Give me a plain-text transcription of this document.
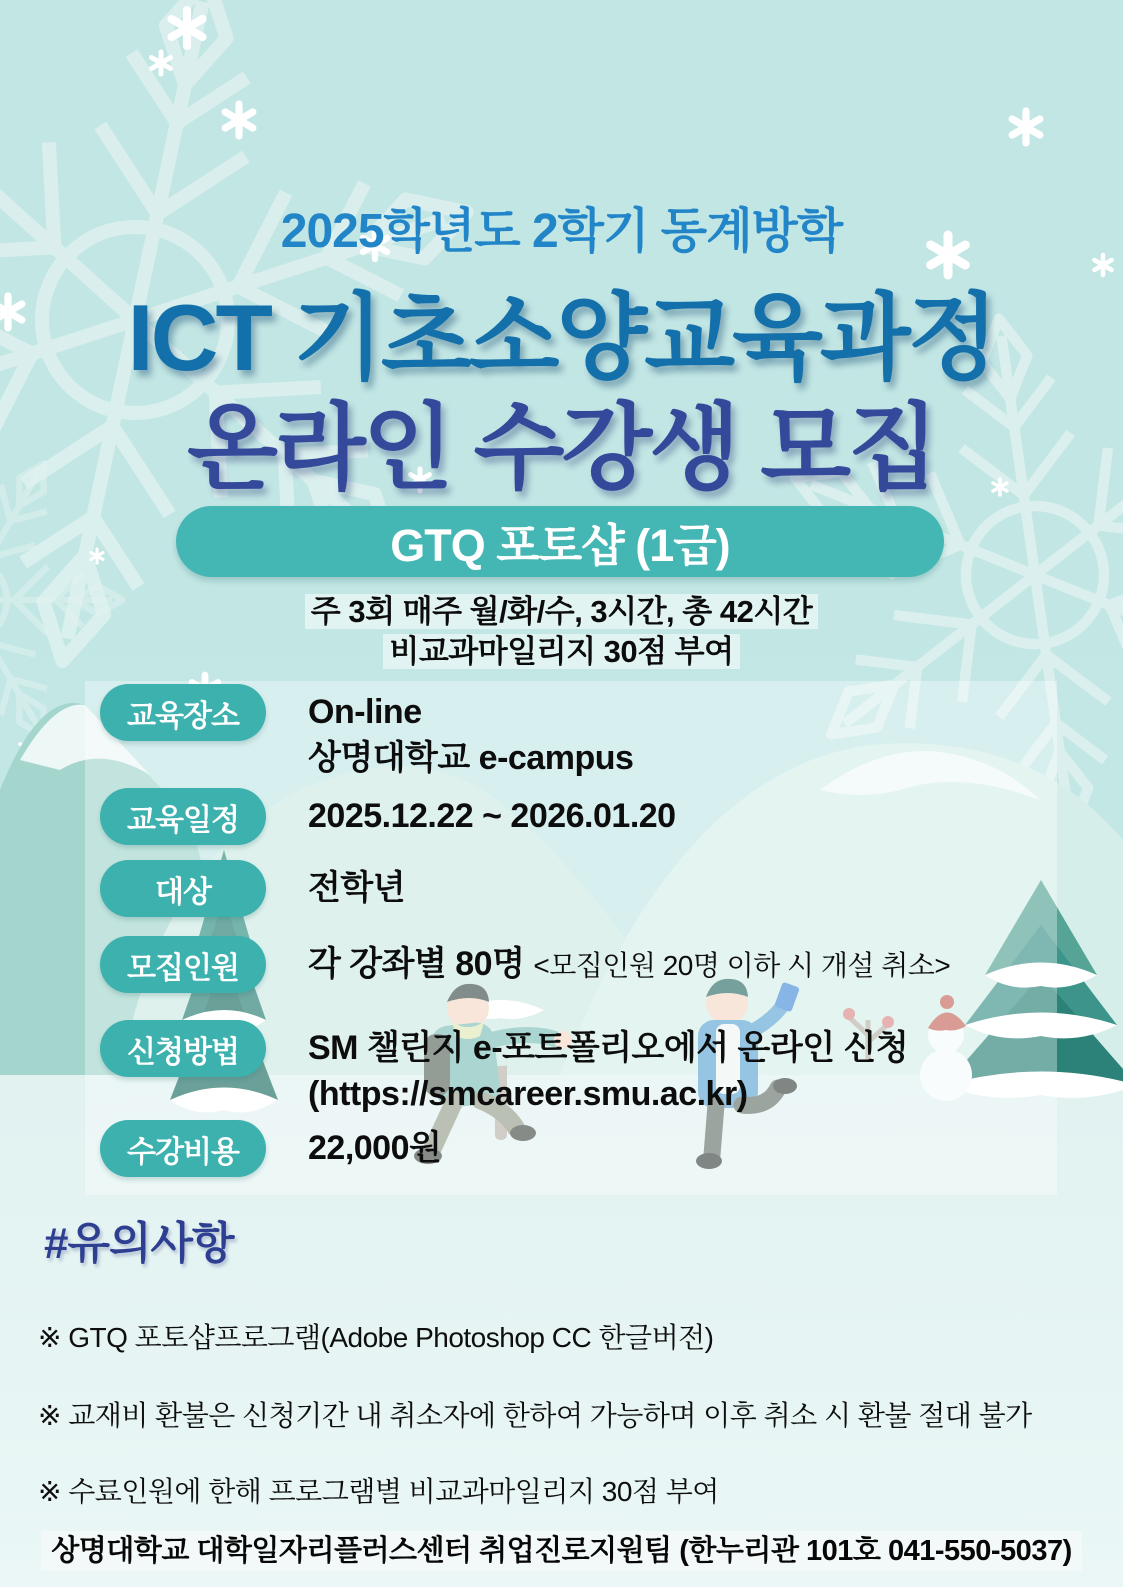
2025학년도 2학기 동계방학
ICT 기초소양교육과정
온라인 수강생 모집
GTQ 포토샵 (1급)
주 3회 매주 월/화/수, 3시간, 총 42시간
비교과마일리지 30점 부여
교육장소 On-line
상명대학교 e-campus
교육일정 2025.12.22 ~ 2026.01.20
대상	전학년
모집인원 각 강좌별 80명 <모집인원 20명 이하 시 개설 취소>
신청방법 SM 챌린지 e-포트폴리오에서 온라인 신청
(https://smcareer.smu.ac.kr)
수강비용 22,000원
#유의사항
※ GTQ 포토샵프로그램(Adobe Photoshop CC 한글버전)
※ 교재비 환불은 신청기간 내 취소자에 한하여 가능하며 이후 취소 시 환불 절대 불가
※ 수료인원에 한해 프로그램별 비교과마일리지 30점 부여
상명대학교 대학일자리플러스센터 취업진로지원팀 (한누리관 101호 041-550-5037)
